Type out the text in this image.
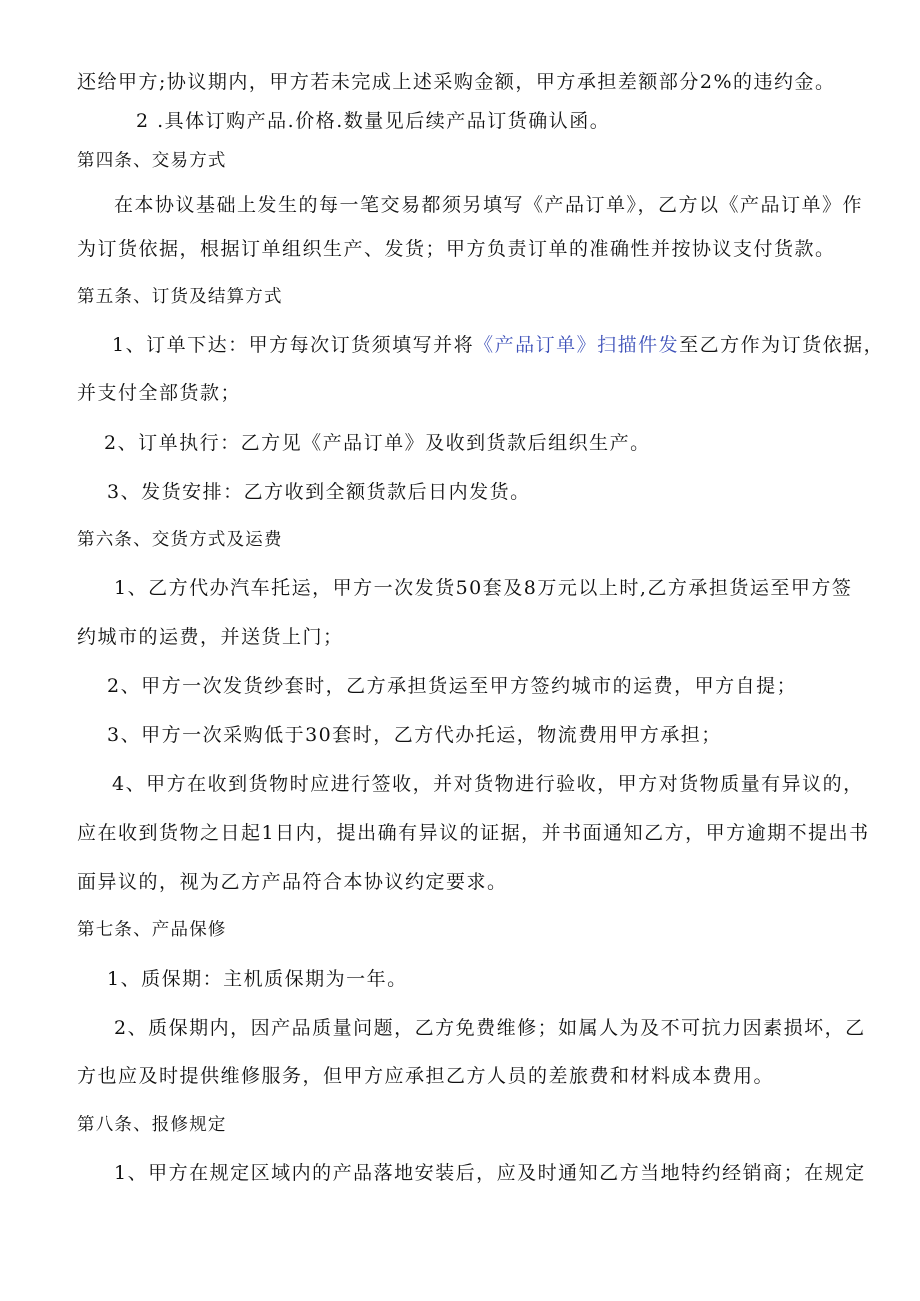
还给甲方;协议期内，甲方若未完成上述采购金额，甲方承担差额部分2%的违约金。
2 .具体订购产品.价格.数量见后续产品订货确认函。
第四条、交易方式
在本协议基础上发生的每一笔交易都须另填写《产品订单》，乙方以《产品订单》作
为订货依据，根据订单组织生产、发货；甲方负责订单的准确性并按协议支付货款。
第五条、订货及结算方式
1、订单下达：甲方每次订货须填写并将《产品订单》扫描件发至乙方作为订货依据，
并支付全部货款；
2、订单执行：乙方见《产品订单》及收到货款后组织生产。
3、发货安排：乙方收到全额货款后日内发货。
第六条、交货方式及运费
1、乙方代办汽车托运，甲方一次发货50套及8万元以上时,乙方承担货运至甲方签
约城市的运费，并送货上门；
2、甲方一次发货纱套时，乙方承担货运至甲方签约城市的运费，甲方自提；
3、甲方一次采购低于30套时，乙方代办托运，物流费用甲方承担；
4、甲方在收到货物时应进行签收，并对货物进行验收，甲方对货物质量有异议的，
应在收到货物之日起1日内，提出确有异议的证据，并书面通知乙方，甲方逾期不提出书
面异议的，视为乙方产品符合本协议约定要求。
第七条、产品保修
1、质保期：主机质保期为一年。
2、质保期内，因产品质量问题，乙方免费维修；如属人为及不可抗力因素损坏，乙
方也应及时提供维修服务，但甲方应承担乙方人员的差旅费和材料成本费用。
第八条、报修规定
1、甲方在规定区域内的产品落地安装后，应及时通知乙方当地特约经销商；在规定
